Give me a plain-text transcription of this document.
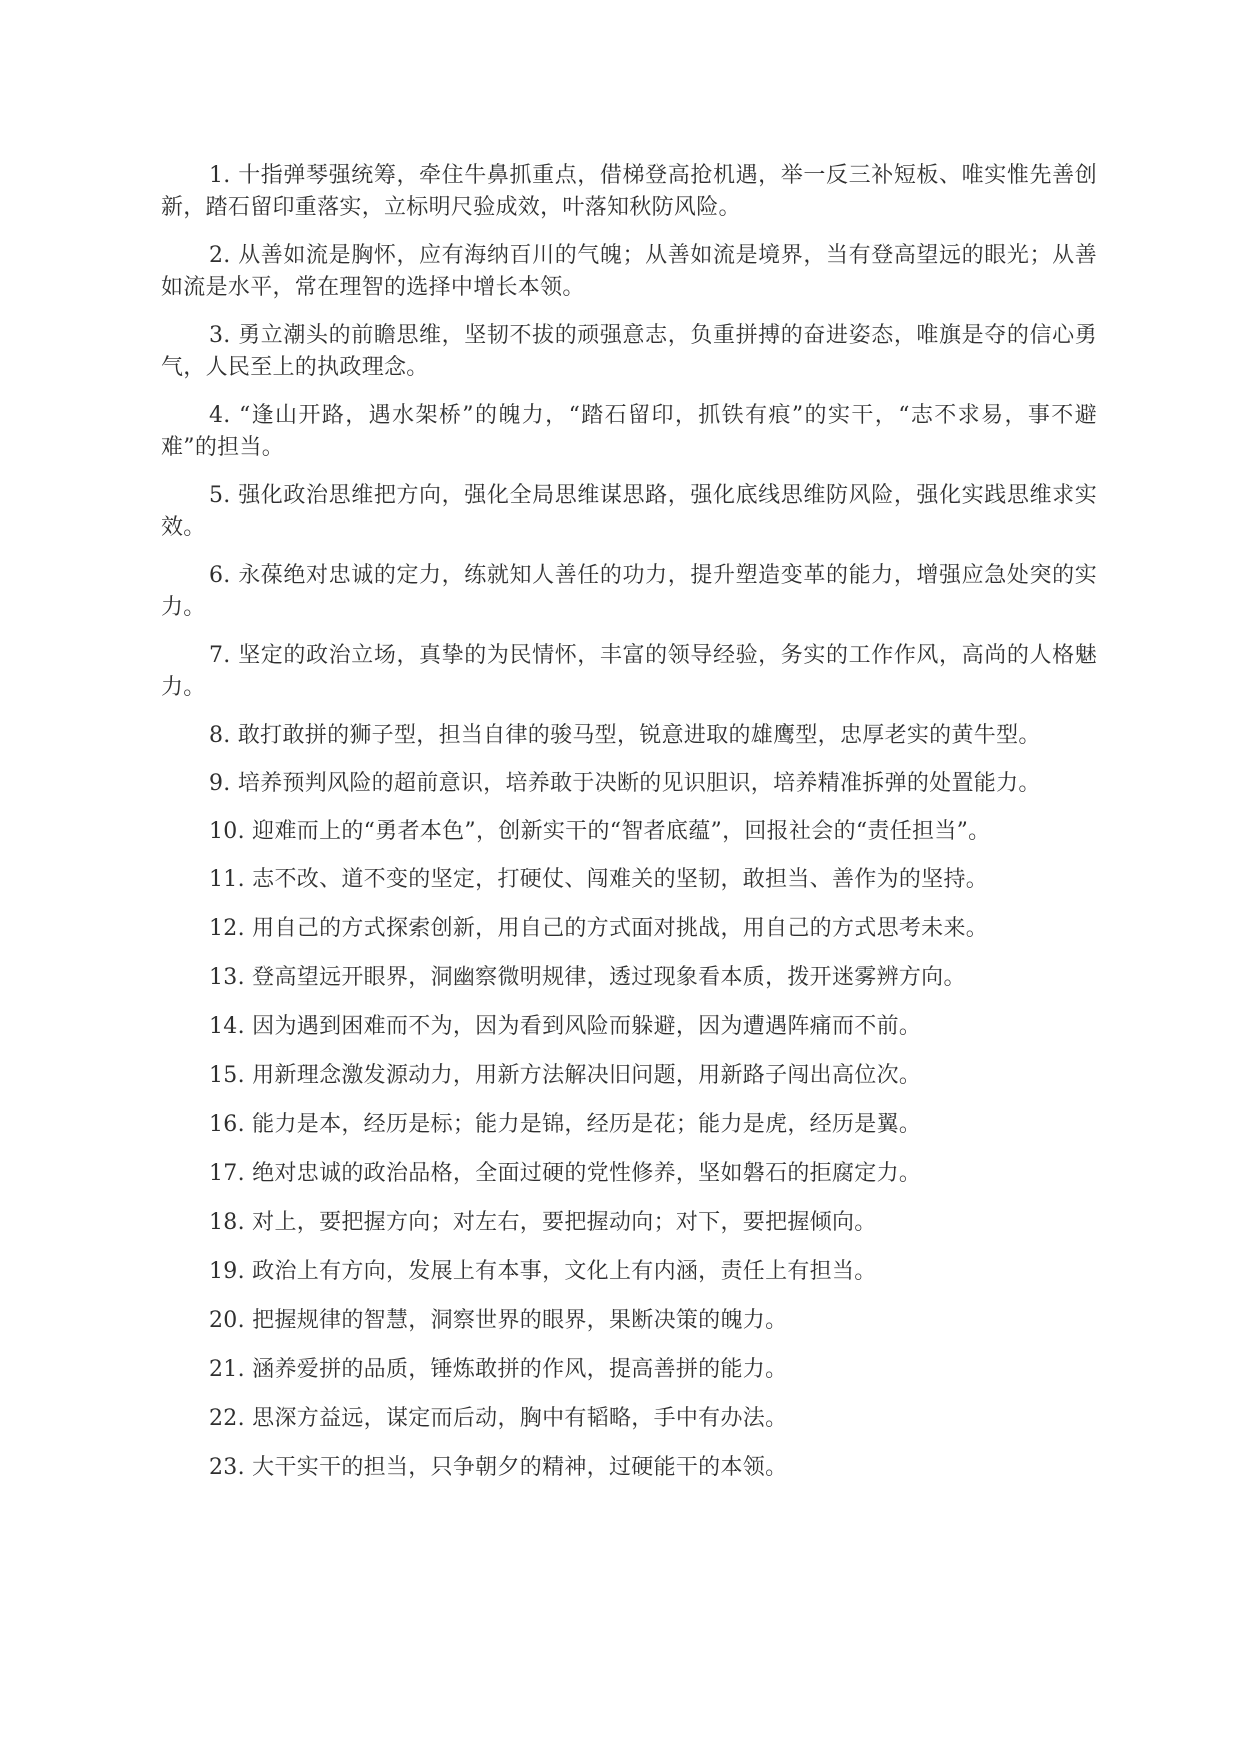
1. 十指弹琴强统筹，牵住牛鼻抓重点，借梯登高抢机遇，举一反三补短板、唯实惟先善创新，踏石留印重落实，立标明尺验成效，叶落知秋防风险。

2. 从善如流是胸怀，应有海纳百川的气魄；从善如流是境界，当有登高望远的眼光；从善如流是水平，常在理智的选择中增长本领。

3. 勇立潮头的前瞻思维，坚韧不拔的顽强意志，负重拼搏的奋进姿态，唯旗是夺的信心勇气，人民至上的执政理念。

4. “逢山开路，遇水架桥”的魄力，“踏石留印，抓铁有痕”的实干，“志不求易，事不避难”的担当。

5. 强化政治思维把方向，强化全局思维谋思路，强化底线思维防风险，强化实践思维求实效。

6. 永葆绝对忠诚的定力，练就知人善任的功力，提升塑造变革的能力，增强应急处突的实力。

7. 坚定的政治立场，真挚的为民情怀，丰富的领导经验，务实的工作作风，高尚的人格魅力。

8. 敢打敢拼的狮子型，担当自律的骏马型，锐意进取的雄鹰型，忠厚老实的黄牛型。

9. 培养预判风险的超前意识，培养敢于决断的见识胆识，培养精准拆弹的处置能力。

10. 迎难而上的“勇者本色”，创新实干的“智者底蕴”，回报社会的“责任担当”。

11. 志不改、道不变的坚定，打硬仗、闯难关的坚韧，敢担当、善作为的坚持。

12. 用自己的方式探索创新，用自己的方式面对挑战，用自己的方式思考未来。

13. 登高望远开眼界，洞幽察微明规律，透过现象看本质，拨开迷雾辨方向。

14. 因为遇到困难而不为，因为看到风险而躲避，因为遭遇阵痛而不前。

15. 用新理念激发源动力，用新方法解决旧问题，用新路子闯出高位次。

16. 能力是本，经历是标；能力是锦，经历是花；能力是虎，经历是翼。

17. 绝对忠诚的政治品格，全面过硬的党性修养，坚如磐石的拒腐定力。

18. 对上，要把握方向；对左右，要把握动向；对下，要把握倾向。

19. 政治上有方向，发展上有本事，文化上有内涵，责任上有担当。

20. 把握规律的智慧，洞察世界的眼界，果断决策的魄力。

21. 涵养爱拼的品质，锤炼敢拼的作风，提高善拼的能力。

22. 思深方益远，谋定而后动，胸中有韬略，手中有办法。

23. 大干实干的担当，只争朝夕的精神，过硬能干的本领。
